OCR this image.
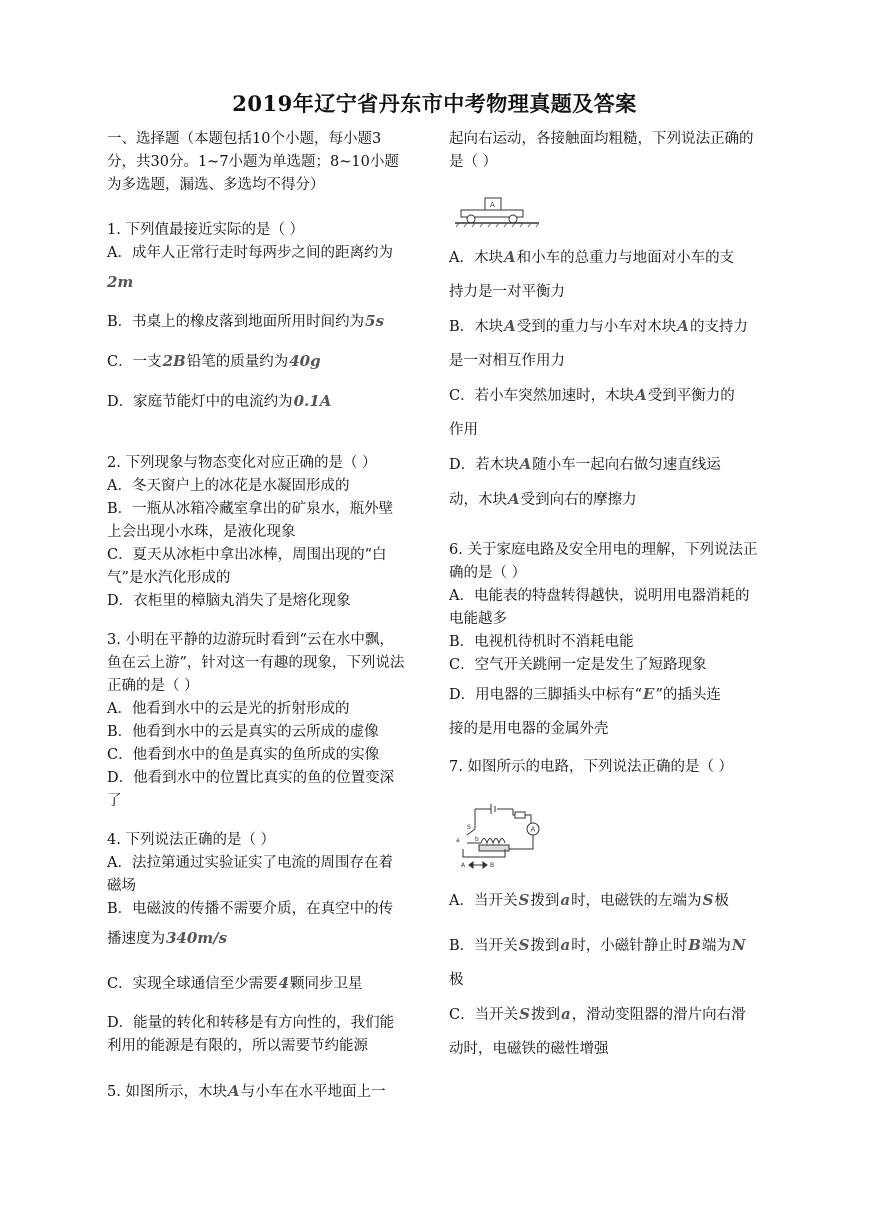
2019年辽宁省丹东市中考物理真题及答案

一、选择题（本题包括10个小题，每小题3分，共30分。1~7小题为单选题；8~10小题为多选题，漏选、多选均不得分）

1. 下列值最接近实际的是（ ）

A．成年人正常行走时每两步之间的距离约为

2m

B．书桌上的橡皮落到地面所用时间约为5s

C．一支2B铅笔的质量约为40g

D．家庭节能灯中的电流约为0.1A

2. 下列现象与物态变化对应正确的是（ ）

A．冬天窗户上的冰花是水凝固形成的

B．一瓶从冰箱冷藏室拿出的矿泉水，瓶外壁上会出现小水珠，是液化现象

C．夏天从冰柜中拿出冰棒，周围出现的“白气”是水汽化形成的

D．衣柜里的樟脑丸消失了是熔化现象

3. 小明在平静的边游玩时看到“云在水中飘，鱼在云上游”，针对这一有趣的现象，下列说法正确的是（ ）

A．他看到水中的云是光的折射形成的

B．他看到水中的云是真实的云所成的虚像

C．他看到水中的鱼是真实的鱼所成的实像

D．他看到水中的位置比真实的鱼的位置变深了

4. 下列说法正确的是（ ）

A．法拉第通过实验证实了电流的周围存在着磁场

B．电磁波的传播不需要介质，在真空中的传

播速度为340m/s

C．实现全球通信至少需要4颗同步卫星

D．能量的转化和转移是有方向性的，我们能利用的能源是有限的，所以需要节约能源

5. 如图所示，木块A与小车在水平地面上一

起向右运动，各接触面均粗糙，下列说法正确的是（ ）

A

A．木块A和小车的总重力与地面对小车的支

持力是一对平衡力

B．木块A受到的重力与小车对木块A的支持力

是一对相互作用力

C．若小车突然加速时，木块A受到平衡力的

作用

D．若木块A随小车一起向右做匀速直线运

动，木块A受到向右的摩擦力

6. 关于家庭电路及安全用电的理解，下列说法正确的是（ ）

A．电能表的特盘转得越快，说明用电器消耗的电能越多

B．电视机待机时不消耗电能

C．空气开关跳闸一定是发生了短路现象

D．用电器的三脚插头中标有“E”的插头连

接的是用电器的金属外壳

7. 如图所示的电路，下列说法正确的是（ ）

a	b
S	A
A	B

A．当开关S拨到a时，电磁铁的左端为S极

B．当开关S拨到a时，小磁针静止时B端为N

极

C．当开关S拨到a，滑动变阻器的滑片向右滑

动时，电磁铁的磁性增强
